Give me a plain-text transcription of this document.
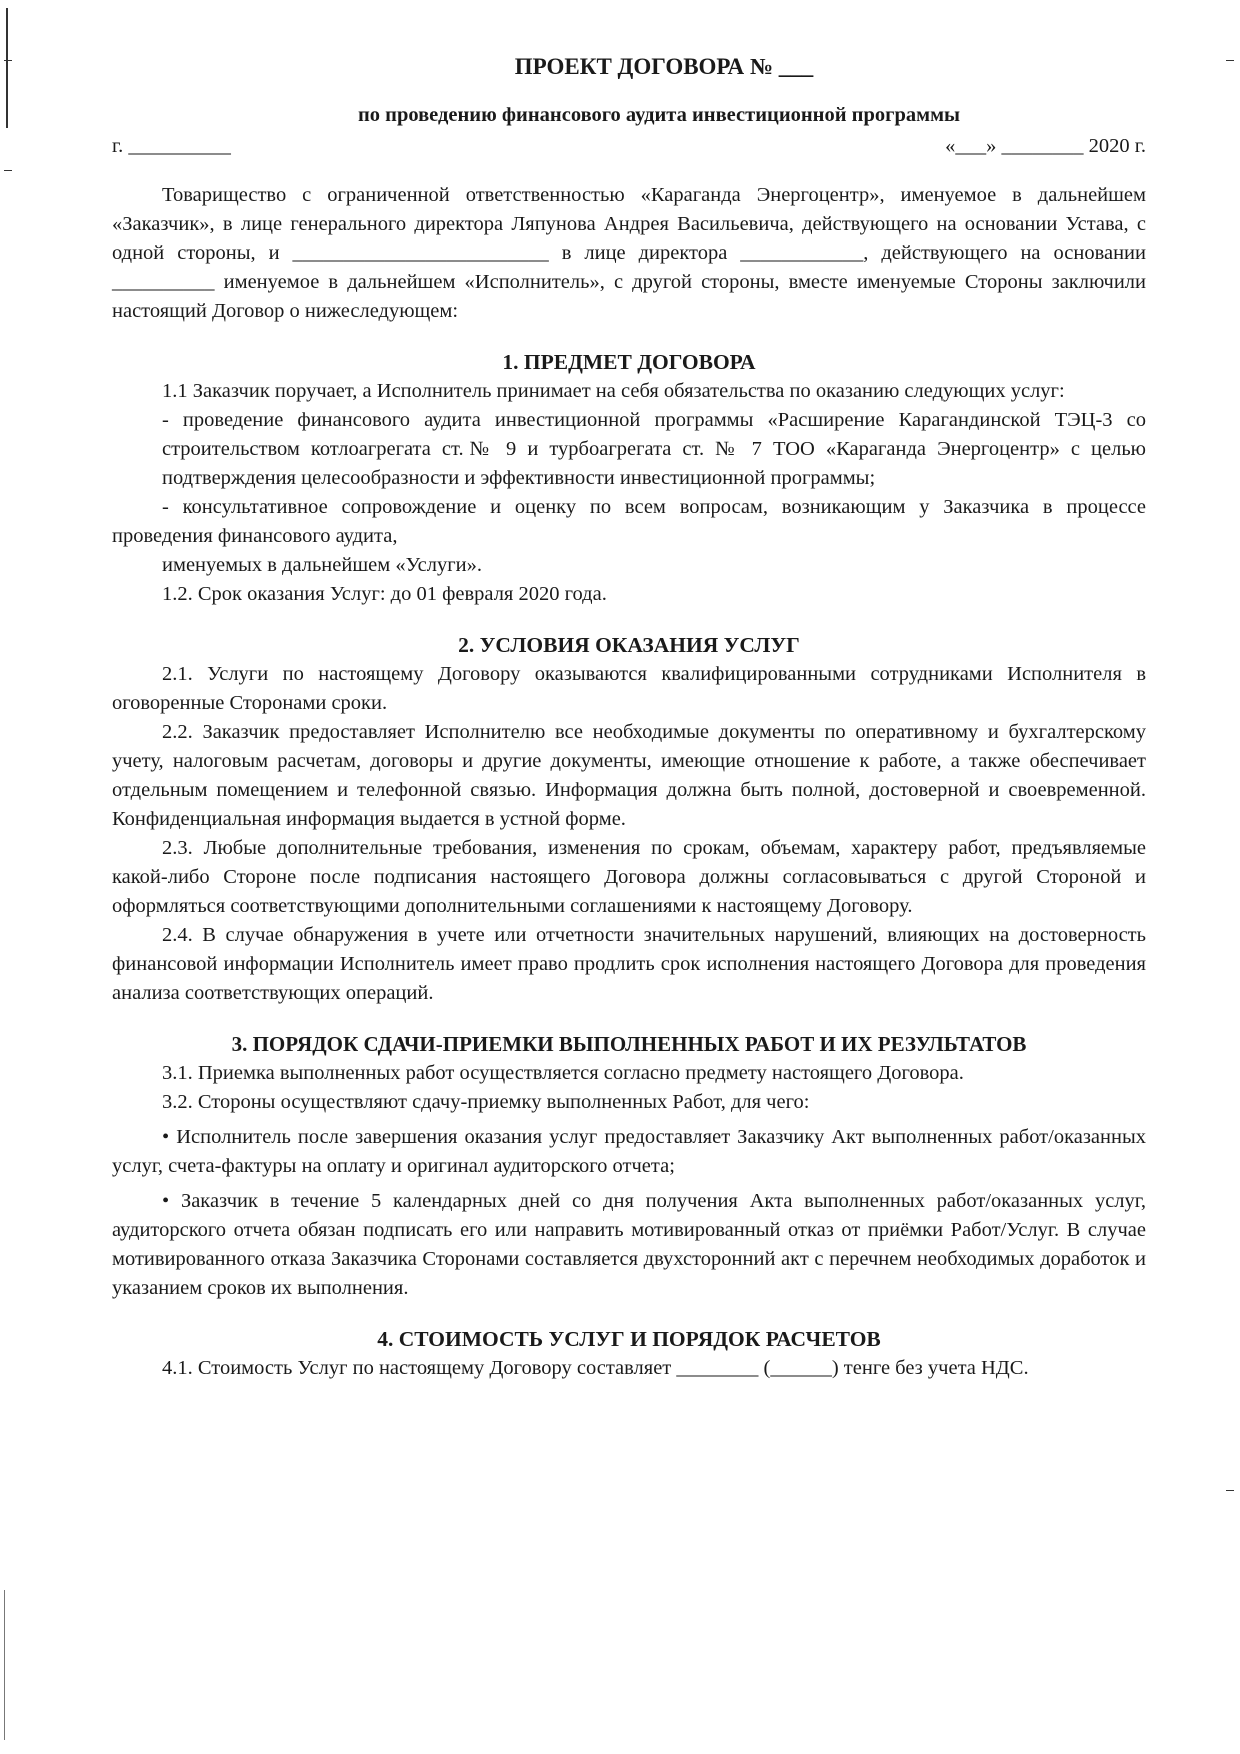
ПРОЕКТ ДОГОВОРА № ___
по проведению финансового аудита инвестиционной программы
г. __________	«___» ________ 2020 г.

Товарищество с ограниченной ответственностью «Караганда Энергоцентр», именуемое в дальнейшем «Заказчик», в лице генерального директора Ляпунова Андрея Васильевича, действующего на основании Устава, с одной стороны, и _________________________ в лице директора ____________, действующего на основании __________ именуемое в дальнейшем «Исполнитель», с другой стороны, вместе именуемые Стороны заключили настоящий Договор о нижеследующем:

1. ПРЕДМЕТ ДОГОВОРА

1.1 Заказчик поручает, а Исполнитель принимает на себя обязательства по оказанию следующих услуг:

- проведение финансового аудита инвестиционной программы «Расширение Карагандинской ТЭЦ-3 со строительством котлоагрегата ст.№ 9 и турбоагрегата ст. № 7 ТОО «Караганда Энергоцентр» с целью подтверждения целесообразности и эффективности инвестиционной программы;

- консультативное сопровождение и оценку по всем вопросам, возникающим у Заказчика в процессе проведения финансового аудита,

именуемых в дальнейшем «Услуги».

1.2. Срок оказания Услуг: до 01 февраля 2020 года.

2. УСЛОВИЯ ОКАЗАНИЯ УСЛУГ

2.1. Услуги по настоящему Договору оказываются квалифицированными сотрудниками Исполнителя в оговоренные Сторонами сроки.

2.2. Заказчик предоставляет Исполнителю все необходимые документы по оперативному и бухгалтерскому учету, налоговым расчетам, договоры и другие документы, имеющие отношение к работе, а также обеспечивает отдельным помещением и телефонной связью. Информация должна быть полной, достоверной и своевременной. Конфиденциальная информация выдается в устной форме.

2.3. Любые дополнительные требования, изменения по срокам, объемам, характеру работ, предъявляемые какой-либо Стороне после подписания настоящего Договора должны согласовываться с другой Стороной и оформляться соответствующими дополнительными соглашениями к настоящему Договору.

2.4. В случае обнаружения в учете или отчетности значительных нарушений, влияющих на достоверность финансовой информации Исполнитель имеет право продлить срок исполнения настоящего Договора для проведения анализа соответствующих операций.

3. ПОРЯДОК СДАЧИ-ПРИЕМКИ ВЫПОЛНЕННЫХ РАБОТ И ИХ РЕЗУЛЬТАТОВ

3.1. Приемка выполненных работ осуществляется согласно предмету настоящего Договора.

3.2. Стороны осуществляют сдачу-приемку выполненных Работ, для чего:

• Исполнитель после завершения оказания услуг предоставляет Заказчику Акт выполненных работ/оказанных услуг, счета-фактуры на оплату и оригинал аудиторского отчета;

• Заказчик в течение 5 календарных дней со дня получения Акта выполненных работ/оказанных услуг, аудиторского отчета обязан подписать его или направить мотивированный отказ от приёмки Работ/Услуг. В случае мотивированного отказа Заказчика Сторонами составляется двухсторонний акт с перечнем необходимых доработок и указанием сроков их выполнения.

4. СТОИМОСТЬ УСЛУГ И ПОРЯДОК РАСЧЕТОВ

4.1. Стоимость Услуг по настоящему Договору составляет ________ (______) тенге без учета НДС.
